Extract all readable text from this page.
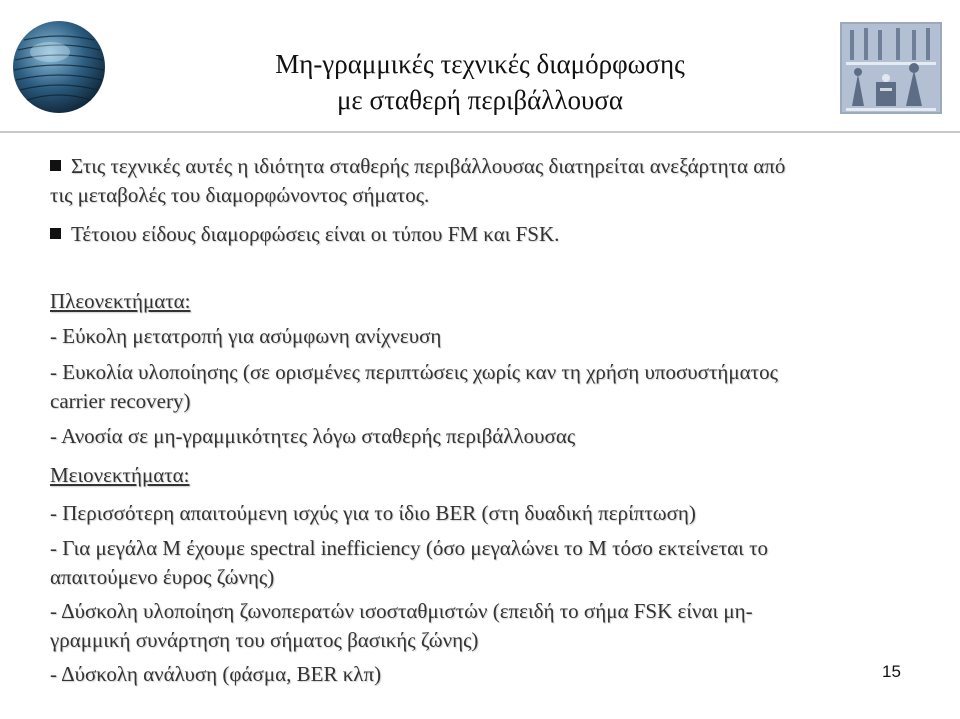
Μη-γραμμικές τεχνικές διαμόρφωσης
με σταθερή περιβάλλουσα
Στις τεχνικές αυτές η ιδιότητα σταθερής περιβάλλουσας διατηρείται ανεξάρτητα από
τις μεταβολές του διαμορφώνοντος σήματος.
Τέτοιου είδους διαμορφώσεις είναι οι τύπου FM και FSK.
Πλεονεκτήματα:
- Εύκολη μετατροπή για ασύμφωνη ανίχνευση
- Ευκολία υλοποίησης (σε ορισμένες περιπτώσεις χωρίς καν τη χρήση υποσυστήματος
carrier recovery)
- Ανοσία σε μη-γραμμικότητες λόγω σταθερής περιβάλλουσας
Μειονεκτήματα:
- Περισσότερη απαιτούμενη ισχύς για το ίδιο BER (στη δυαδική περίπτωση)
- Για μεγάλα Μ έχουμε spectral inefficiency (όσο μεγαλώνει το Μ τόσο εκτείνεται το
απαιτούμενο έυρος ζώνης)
- Δύσκολη υλοποίηση ζωνοπερατών ισοσταθμιστών (επειδή το σήμα FSK είναι μη-
γραμμική συνάρτηση του σήματος βασικής ζώνης)
- Δύσκολη ανάλυση (φάσμα, BER κλπ)	15
